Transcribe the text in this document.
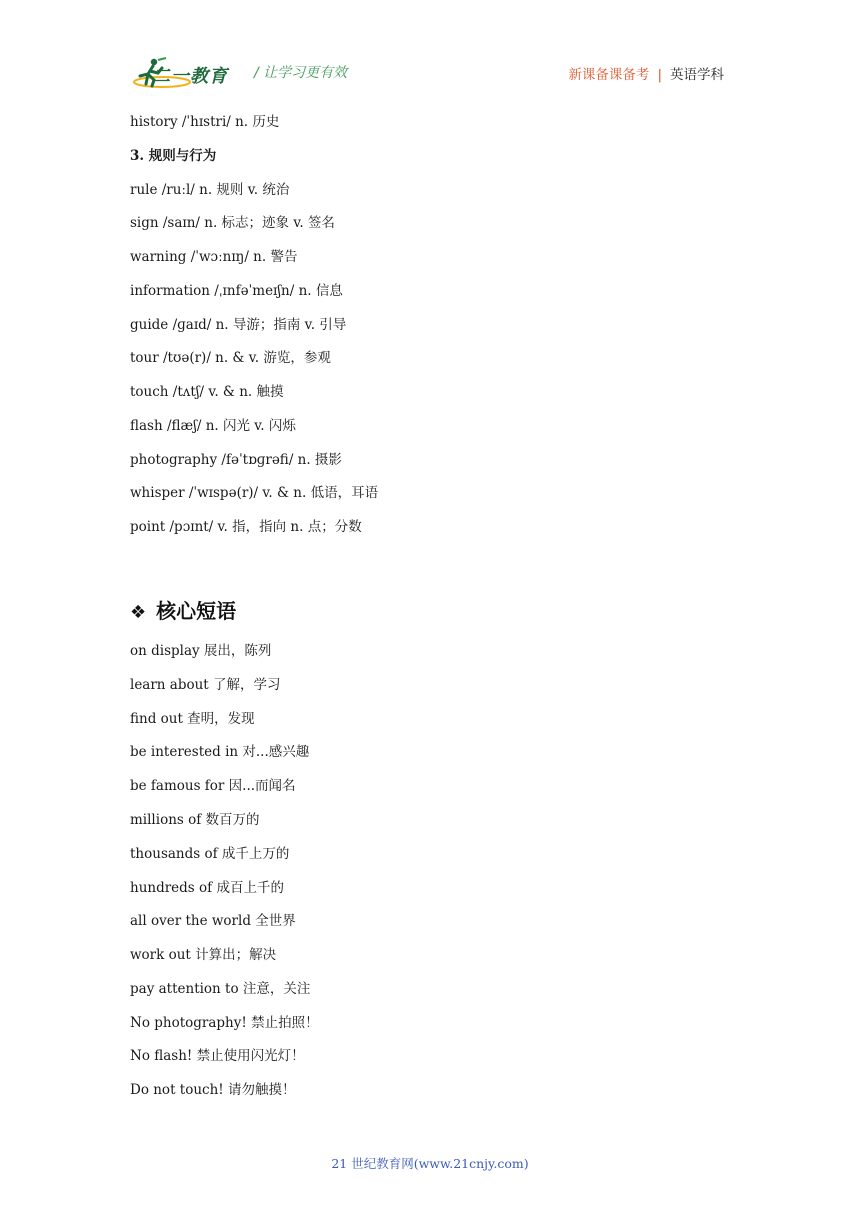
二一教育 / 让学习更有效	新课备课备考 | 英语学科
history /ˈhɪstri/ n. 历史
3. 规则与行为
rule /ruːl/ n. 规则 v. 统治
sign /saɪn/ n. 标志；迹象 v. 签名
warning /ˈwɔːnɪŋ/ n. 警告
information /ˌɪnfəˈmeɪʃn/ n. 信息
guide /ɡaɪd/ n. 导游；指南 v. 引导
tour /tʊə(r)/ n. & v. 游览，参观
touch /tʌtʃ/ v. & n. 触摸
flash /flæʃ/ n. 闪光 v. 闪烁
photography /fəˈtɒɡrəfi/ n. 摄影
whisper /ˈwɪspə(r)/ v. & n. 低语，耳语
point /pɔɪnt/ v. 指，指向 n. 点；分数
❖ 核心短语
on display 展出，陈列
learn about 了解，学习
find out 查明，发现
be interested in 对...感兴趣
be famous for 因...而闻名
millions of 数百万的
thousands of 成千上万的
hundreds of 成百上千的
all over the world 全世界
work out 计算出；解决
pay attention to 注意，关注
No photography! 禁止拍照！
No flash! 禁止使用闪光灯！
Do not touch! 请勿触摸！
21 世纪教育网(www.21cnjy.com)
